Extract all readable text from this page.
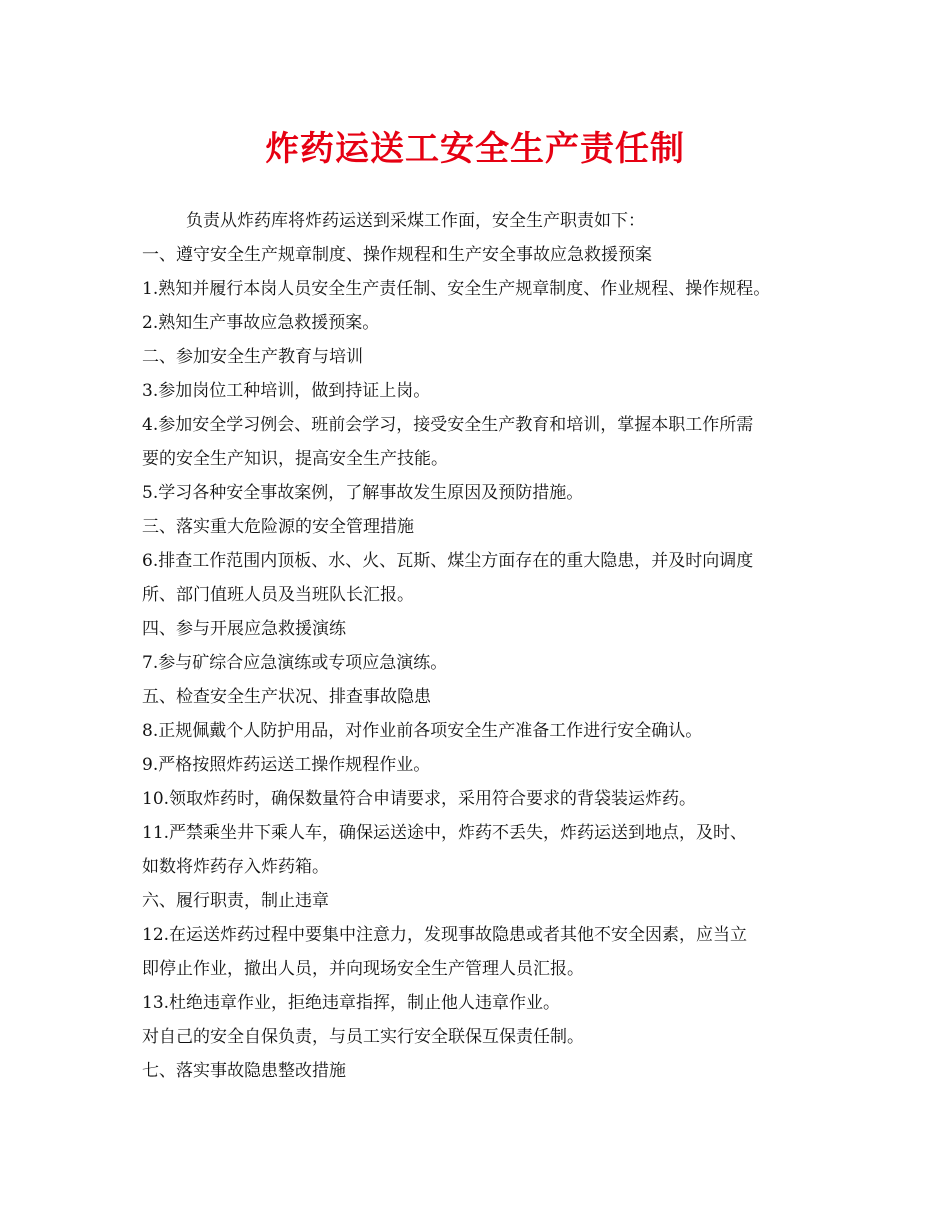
炸药运送工安全生产责任制

负责从炸药库将炸药运送到采煤工作面，安全生产职责如下：

一、遵守安全生产规章制度、操作规程和生产安全事故应急救援预案

1.熟知并履行本岗人员安全生产责任制、安全生产规章制度、作业规程、操作规程。

2.熟知生产事故应急救援预案。

二、参加安全生产教育与培训

3.参加岗位工种培训，做到持证上岗。

4.参加安全学习例会、班前会学习，接受安全生产教育和培训，掌握本职工作所需

要的安全生产知识，提高安全生产技能。

5.学习各种安全事故案例，了解事故发生原因及预防措施。

三、落实重大危险源的安全管理措施

6.排查工作范围内顶板、水、火、瓦斯、煤尘方面存在的重大隐患，并及时向调度

所、部门值班人员及当班队长汇报。

四、参与开展应急救援演练

7.参与矿综合应急演练或专项应急演练。

五、检查安全生产状况、排查事故隐患

8.正规佩戴个人防护用品，对作业前各项安全生产准备工作进行安全确认。

9.严格按照炸药运送工操作规程作业。

10.领取炸药时，确保数量符合申请要求，采用符合要求的背袋装运炸药。

11.严禁乘坐井下乘人车，确保运送途中，炸药不丢失，炸药运送到地点，及时、

如数将炸药存入炸药箱。

六、履行职责，制止违章

12.在运送炸药过程中要集中注意力，发现事故隐患或者其他不安全因素，应当立

即停止作业，撤出人员，并向现场安全生产管理人员汇报。

13.杜绝违章作业，拒绝违章指挥，制止他人违章作业。

对自己的安全自保负责，与员工实行安全联保互保责任制。

七、落实事故隐患整改措施
